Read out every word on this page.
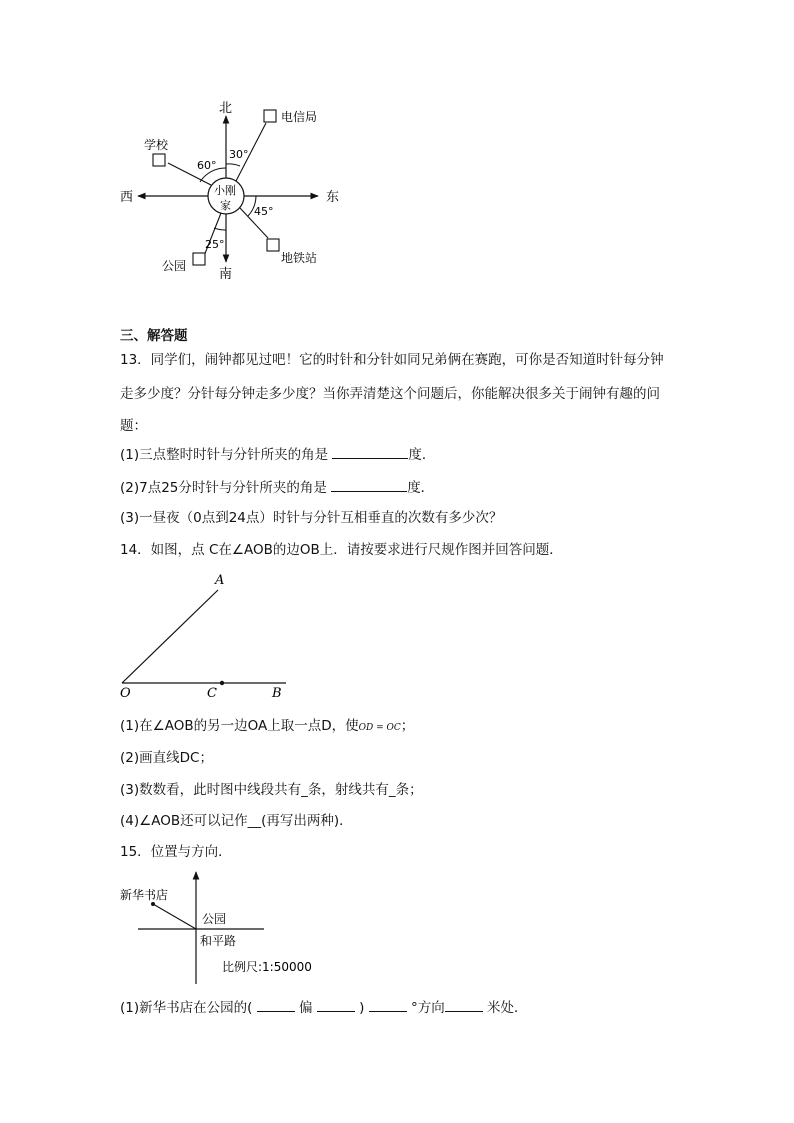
北
南
东
西	小刚
家
学校
电信局
地铁站
公园
60°
30°
45°
25°
三、解答题
13．同学们，闹钟都见过吧！它的时针和分针如同兄弟俩在赛跑，可你是否知道时针每分钟
走多少度？分针每分钟走多少度？当你弄清楚这个问题后，你能解决很多关于闹钟有趣的问
题：
(1)三点整时时针与分针所夹的角是	度．
(2)7点25分时针与分针所夹的角是	度．
(3)一昼夜（0点到24点）时针与分针互相垂直的次数有多少次？
14．如图，点 C在∠AOB的边OB上．请按要求进行尺规作图并回答问题．
A
O	C	B
(1)在∠AOB的另一边OA上取一点D，使OD = OC；
(2)画直线DC；
(3)数数看，此时图中线段共有_条，射线共有_条；
(4)∠AOB还可以记作__(再写出两种)．
15．位置与方向．
新华书店
公园
和平路
比例尺:1:50000
(1)新华书店在公园的(	偏	)	°方向	米处．
